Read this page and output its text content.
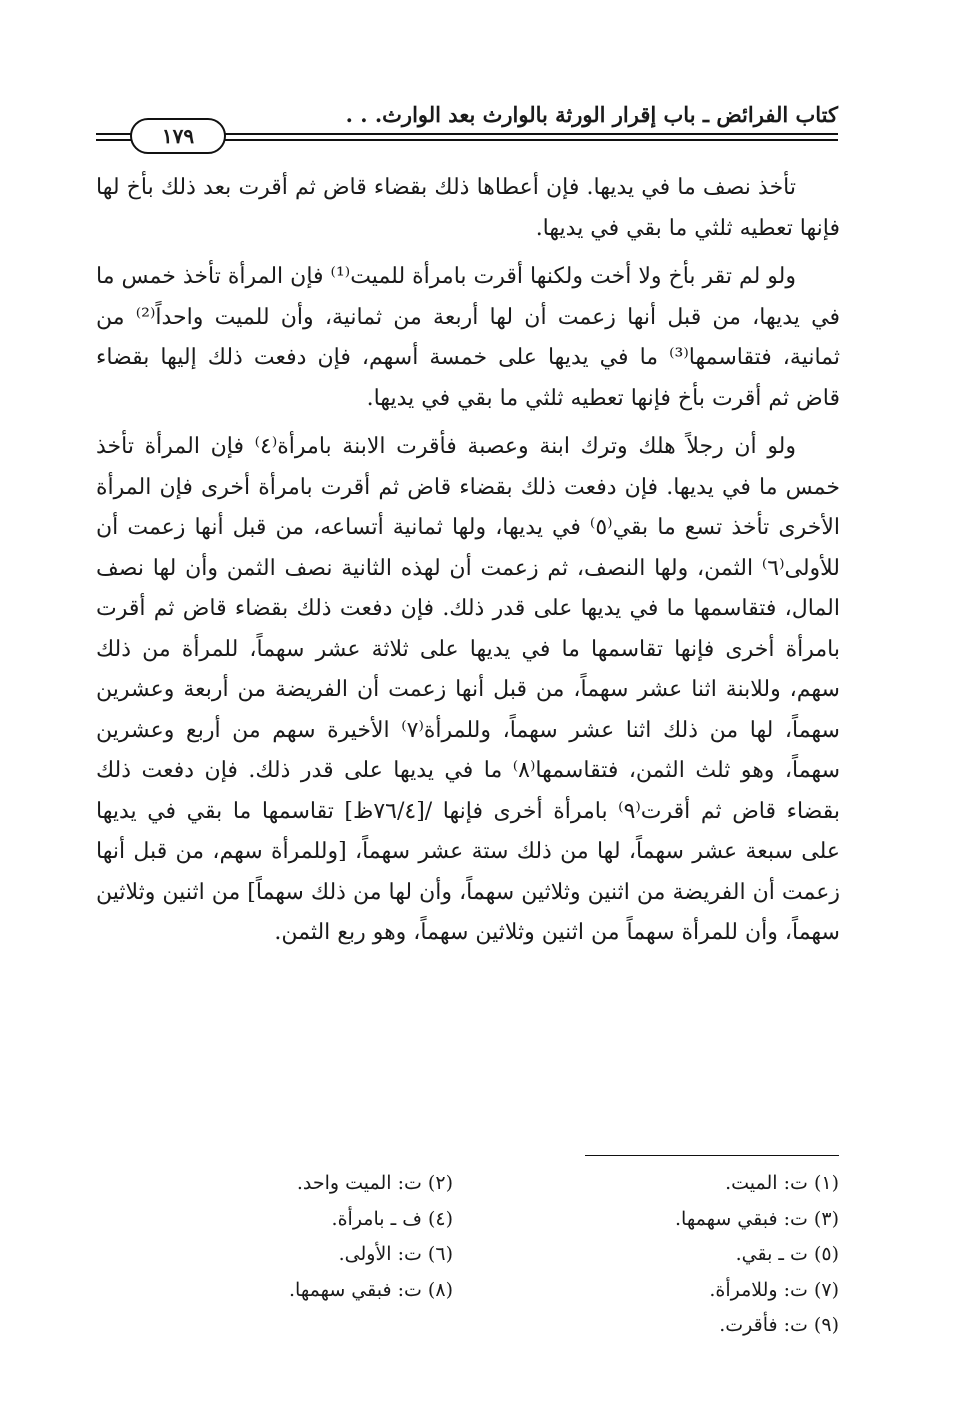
كتاب الفرائض ـ باب إقرار الورثة بالوارث بعد الوارث. . .
١٧٩

تأخذ نصف ما في يديها. فإن أعطاها ذلك بقضاء قاض ثم أقرت بعد ذلك بأخ لها فإنها تعطيه ثلثي ما بقي في يديها.

ولو لم تقر بأخ ولا أخت ولكنها أقرت بامرأة للميت⁽¹⁾ فإن المرأة تأخذ خمس ما في يديها، من قبل أنها زعمت أن لها أربعة من ثمانية، وأن للميت واحداً⁽²⁾ من ثمانية، فتقاسمها⁽³⁾ ما في يديها على خمسة أسهم، فإن دفعت ذلك إليها بقضاء قاض ثم أقرت بأخ فإنها تعطيه ثلثي ما بقي في يديها.

ولو أن رجلاً هلك وترك ابنة وعصبة فأقرت الابنة بامرأة⁽٤⁾ فإن المرأة تأخذ خمس ما في يديها. فإن دفعت ذلك بقضاء قاض ثم أقرت بامرأة أخرى فإن المرأة الأخرى تأخذ تسع ما بقي⁽٥⁾ في يديها، ولها ثمانية أتساعه، من قبل أنها زعمت أن للأولى⁽٦⁾ الثمن، ولها النصف، ثم زعمت أن لهذه الثانية نصف الثمن وأن لها نصف المال، فتقاسمها ما في يديها على قدر ذلك. فإن دفعت ذلك بقضاء قاض ثم أقرت بامرأة أخرى فإنها تقاسمها ما في يديها على ثلاثة عشر سهماً، للمرأة من ذلك سهم، وللابنة اثنا عشر سهماً، من قبل أنها زعمت أن الفريضة من أربعة وعشرين سهماً، لها من ذلك اثنا عشر سهماً، وللمرأة⁽٧⁾ الأخيرة سهم من أربع وعشرين سهماً، وهو ثلث الثمن، فتقاسمها⁽٨⁾ ما في يديها على قدر ذلك. فإن دفعت ذلك بقضاء قاض ثم أقرت⁽٩⁾ بامرأة أخرى فإنها /[٧٦/٤ظ] تقاسمها ما بقي في يديها على سبعة عشر سهماً، لها من ذلك ستة عشر سهماً، [وللمرأة سهم، من قبل أنها زعمت أن الفريضة من اثنين وثلاثين سهماً، وأن لها من ذلك سهماً] من اثنين وثلاثين سهماً، وأن للمرأة سهماً من اثنين وثلاثين سهماً، وهو ربع الثمن.

(١) ت: الميت.
(٣) ت: فبقي سهمها.
(٥) ت ـ بقي.
(٧) ت: وللامرأة.
(٩) ت: فأقرت.
(٢) ت: الميت واحد.
(٤) ف ـ بامرأة.
(٦) ت: الأولى.
(٨) ت: فبقي سهمها.
